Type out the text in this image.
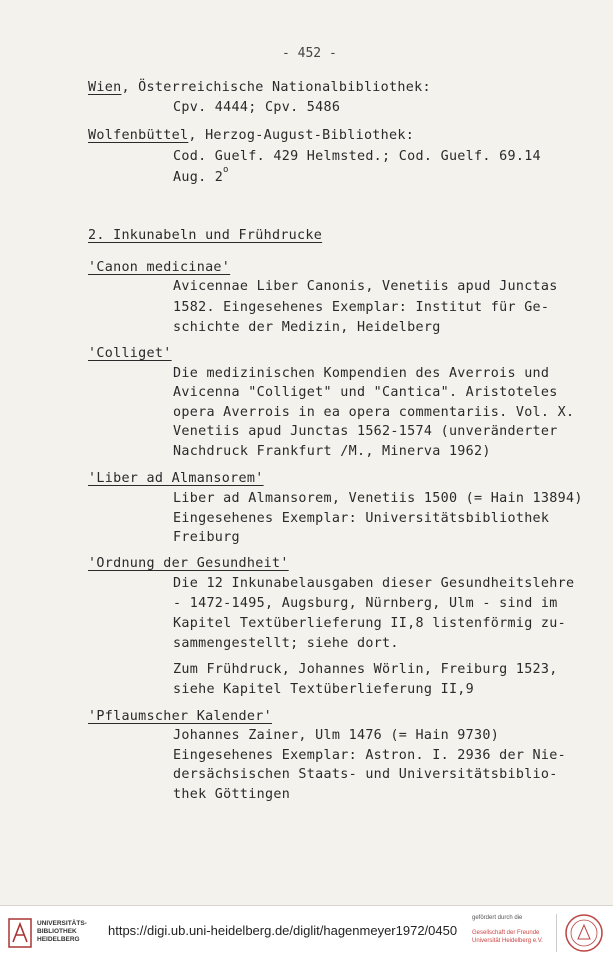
- 452 -
Wien, Österreichische Nationalbibliothek:
Cpv. 4444; Cpv. 5486
Wolfenbüttel, Herzog-August-Bibliothek:
Cod. Guelf. 429 Helmsted.; Cod. Guelf. 69.14
Aug. 2 o
2. Inkunabeln und Frühdrucke
'Canon medicinae'
Avicennae Liber Canonis, Venetiis apud Junctas
1582. Eingesehenes Exemplar: Institut für Ge-
schichte der Medizin, Heidelberg
'Colliget'
Die medizinischen Kompendien des Averrois und
Avicenna "Colliget" und "Cantica". Aristoteles
opera Averrois in ea opera commentariis. Vol. X.
Venetiis apud Junctas 1562-1574 (unveränderter
Nachdruck Frankfurt /M., Minerva 1962)
'Liber ad Almansorem'
Liber ad Almansorem, Venetiis 1500 (= Hain 13894)
Eingesehenes Exemplar: Universitätsbibliothek
Freiburg
'Ordnung der Gesundheit'
Die 12 Inkunabelausgaben dieser Gesundheitslehre
- 1472-1495, Augsburg, Nürnberg, Ulm - sind im
Kapitel Textüberlieferung II,8 listenförmig zu-
sammengestellt; siehe dort.
Zum Frühdruck, Johannes Wörlin, Freiburg 1523,
siehe Kapitel Textüberlieferung II,9
'Pflaumscher Kalender'
Johannes Zainer, Ulm 1476 (= Hain 9730)
Eingesehenes Exemplar: Astron. I. 2936 der Nie-
dersächsischen Staats- und Universitätsbiblio-
thek Göttingen
UNIVERSITÄTS-
BIBLIOTHEK
HEIDELBERG
https://digi.ub.uni-heidelberg.de/diglit/hagenmeyer1972/0450
gefördert durch die
Gesellschaft der Freunde
Universität Heidelberg e.V.
